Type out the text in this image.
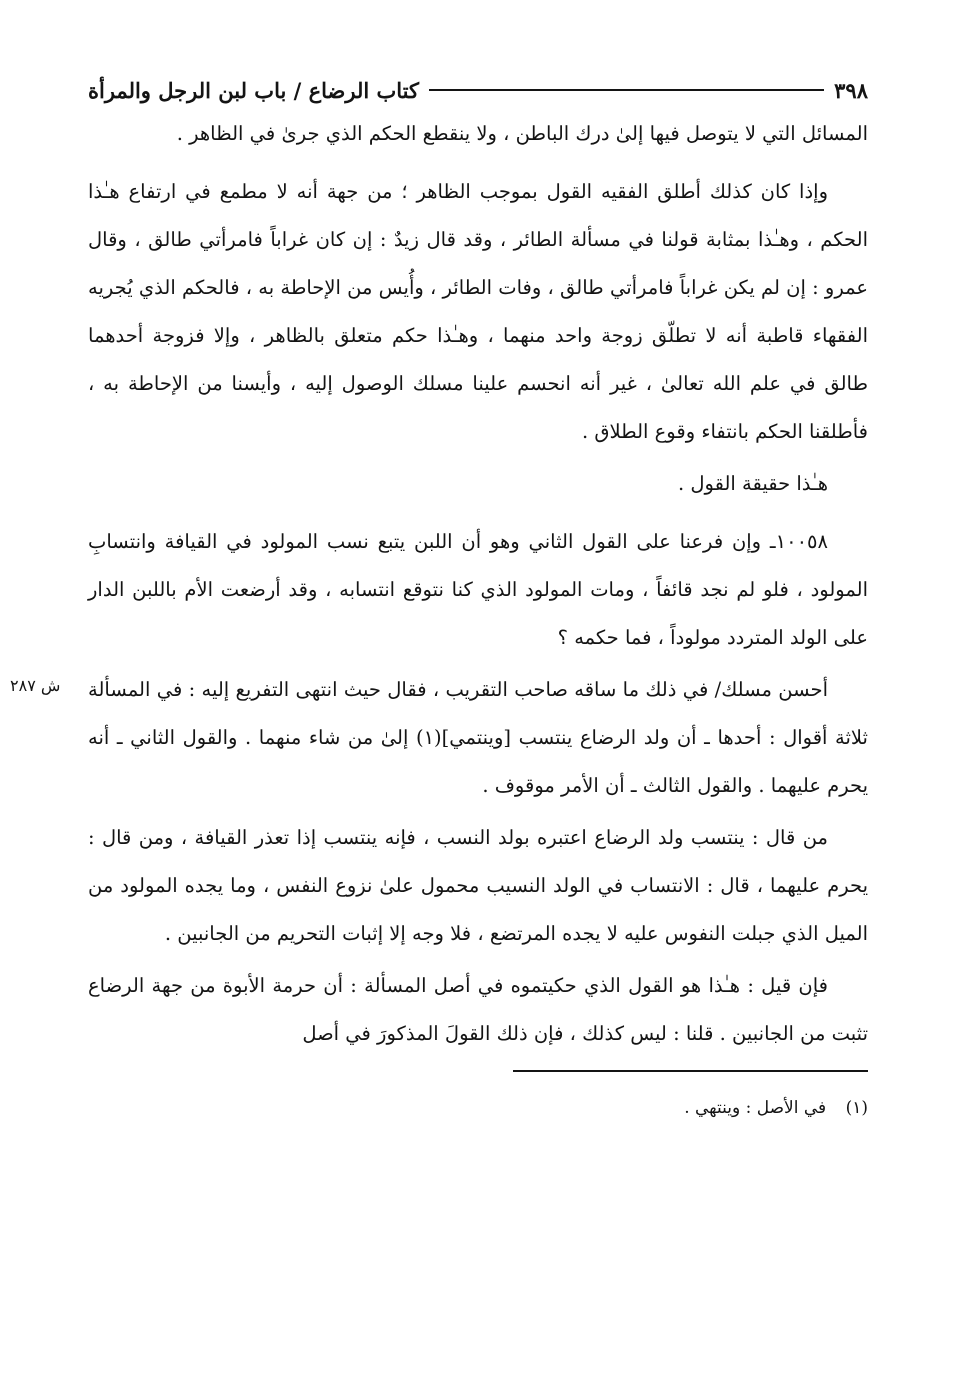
٣٩٨
كتاب الرضاع / باب لبن الرجل والمرأة

المسائل التي لا يتوصل فيها إلىٰ درك الباطن ، ولا ينقطع الحكم الذي جرىٰ في الظاهر .

وإذا كان كذلك أطلق الفقيه القول بموجب الظاهر ؛ من جهة أنه لا مطمع في ارتفاع هـٰذا الحكم ، وهـٰذا بمثابة قولنا في مسألة الطائر ، وقد قال زيدٌ : إن كان غراباً فامرأتي طالق ، وقال عمرو : إن لم يكن غراباً فامرأتي طالق ، وفات الطائر ، وأُيس من الإحاطة به ، فالحكم الذي يُجريه الفقهاء قاطبة أنه لا تطلّق زوجة واحد منهما ، وهـٰذا حكم متعلق بالظاهر ، وإلا فزوجة أحدهما طالق في علم الله تعالىٰ ، غير أنه انحسم علينا مسلك الوصول إليه ، وأيسنا من الإحاطة به ، فأطلقنا الحكم بانتفاء وقوع الطلاق .

هـٰذا حقيقة القول .

١٠٠٥٨ـ وإن فرعنا على القول الثاني وهو أن اللبن يتبع نسب المولود في القيافة وانتسابِ المولود ، فلو لم نجد قائفاً ، ومات المولود الذي كنا نتوقع انتسابه ، وقد أرضعت الأم باللبن الدار على الولد المتردد مولوداً ، فما حكمه ؟

ش ٢٨٧ أحسن مسلك/ في ذلك ما ساقه صاحب التقريب ، فقال حيث انتهى التفريع إليه : في المسألة ثلاثة أقوال : أحدها ـ أن ولد الرضاع ينتسب [وينتمي](١) إلىٰ من شاء منهما . والقول الثاني ـ أنه يحرم عليهما . والقول الثالث ـ أن الأمر موقوف .

من قال : ينتسب ولد الرضاع اعتبره بولد النسب ، فإنه ينتسب إذا تعذر القيافة ، ومن قال : يحرم عليهما ، قال : الانتساب في الولد النسيب محمول علىٰ نزوع النفس ، وما يجده المولود من الميل الذي جبلت النفوس عليه لا يجده المرتضع ، فلا وجه إلا إثبات التحريم من الجانبين .

فإن قيل : هـٰذا هو القول الذي حكيتموه في أصل المسألة : أن حرمة الأبوة من جهة الرضاع تثبت من الجانبين . قلنا : ليس كذلك ، فإن ذلك القولَ المذكورَ في أصل

(١) في الأصل : وينتهي .
